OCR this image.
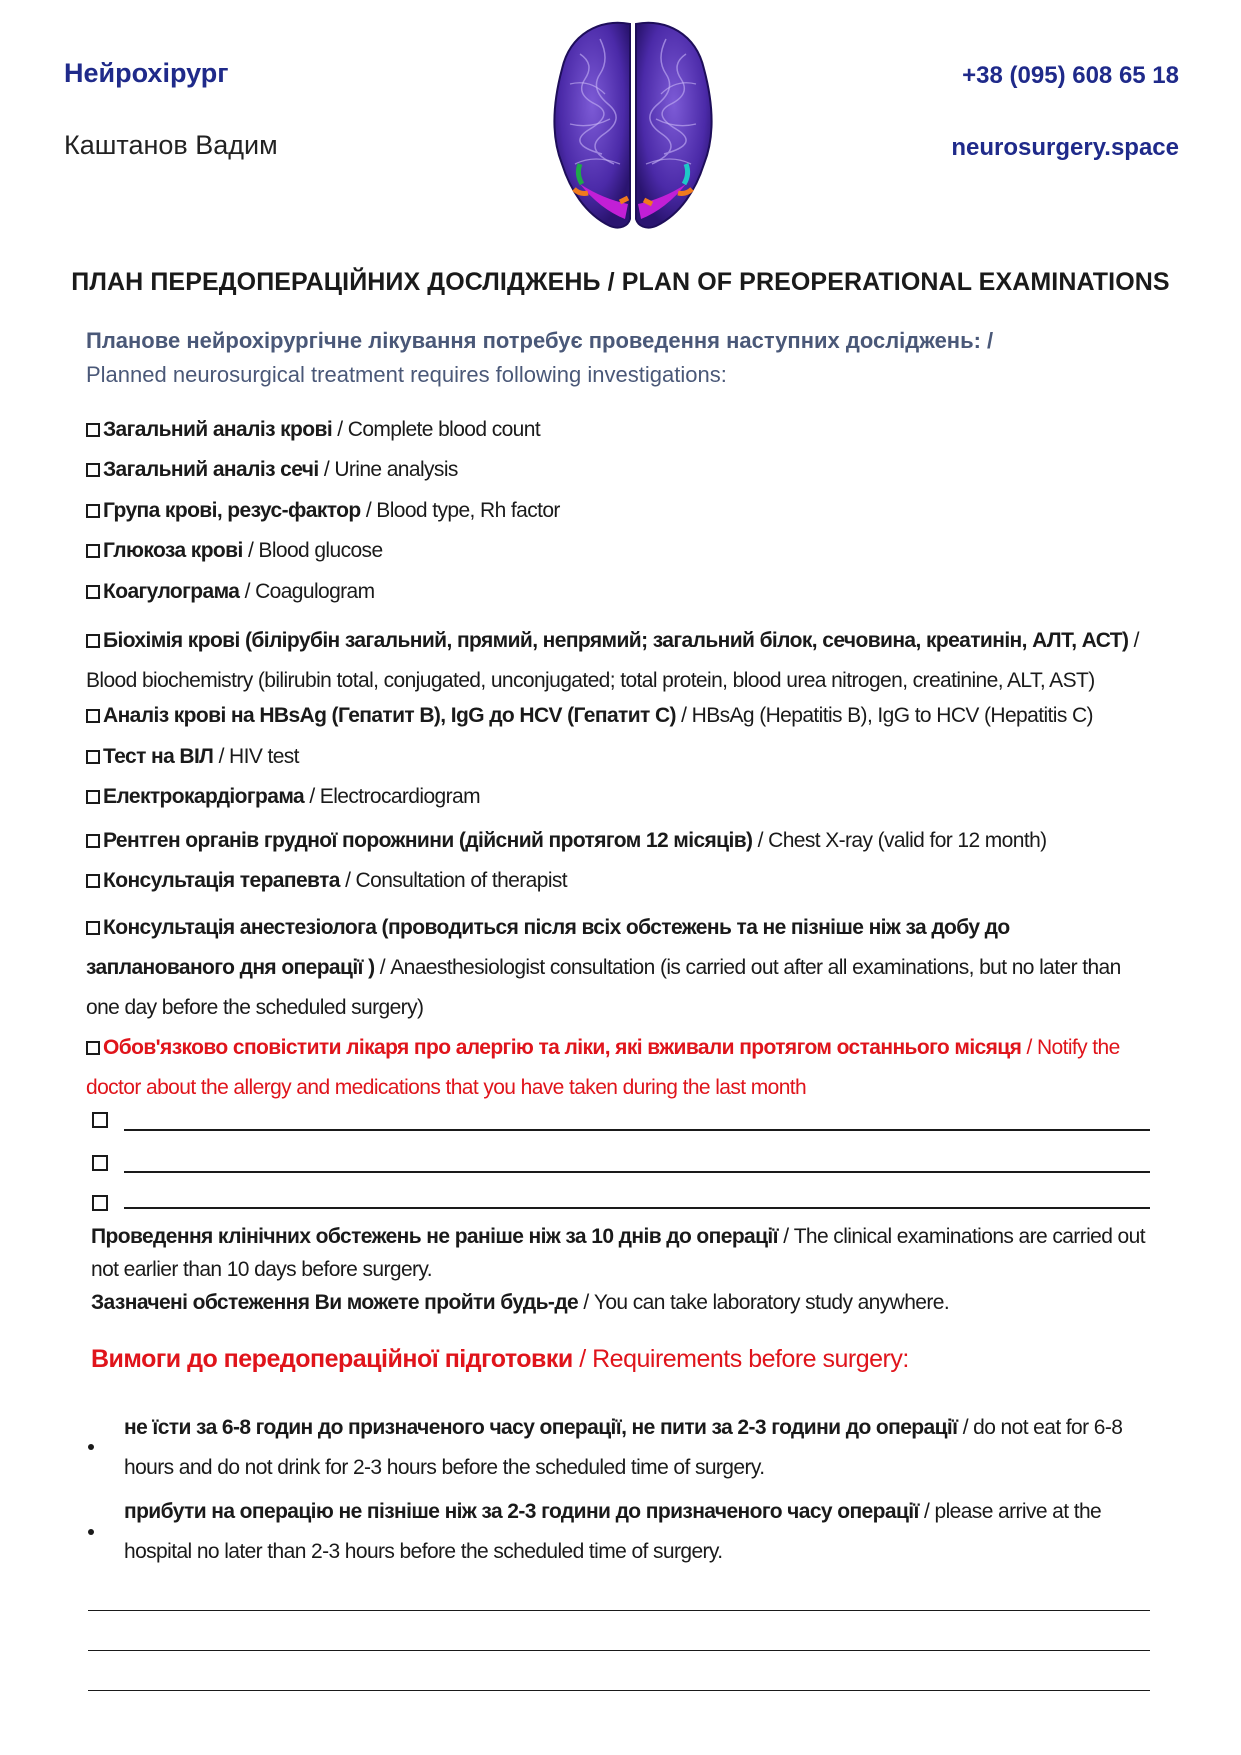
Нейрохірург
Каштанов Вадим
+38 (095) 608 65 18
neurosurgery.space
ПЛАН ПЕРЕДОПЕРАЦІЙНИХ ДОСЛІДЖЕНЬ / PLAN OF PREOPERATIONAL EXAMINATIONS
Планове нейрохірургічне лікування потребує проведення наступних досліджень: /
Planned neurosurgical treatment requires following investigations:
Загальний аналіз крові / Complete blood count
Загальний аналіз сечі / Urine analysis
Група крові, резус-фактор / Blood type, Rh factor
Глюкоза крові / Blood glucose
Коагулограма / Coagulogram
Біохімія крові (білірубін загальний, прямий, непрямий; загальний білок, сечовина, креатинін, АЛТ, АСТ) / Blood biochemistry (bilirubin total, conjugated, unconjugated; total protein, blood urea nitrogen, creatinine, ALT, AST)
Аналіз крові на HBsAg (Гепатит В), IgG до HCV (Гепатит С) / HBsAg (Hepatitis B), IgG to HCV (Hepatitis C)
Тест на ВІЛ / HIV test
Електрокардіограма / Electrocardiogram
Рентген органів грудної порожнини (дійсний протягом 12 місяців) / Chest X-ray (valid for 12 month)
Консультація терапевта / Consultation of therapist
Консультація анестезіолога (проводиться після всіх обстежень та не пізніше ніж за добу до запланованого дня операції ) / Anaesthesiologist consultation (is carried out after all examinations, but no later than one day before the scheduled surgery)
Обов'язково сповістити лікаря про алергію та ліки, які вживали протягом останнього місяця / Notify the doctor about the allergy and medications that you have taken during the last month
Проведення клінічних обстежень не раніше ніж за 10 днів до операції / The clinical examinations are carried out not earlier than 10 days before surgery.
Зазначені обстеження Ви можете пройти будь-де / You can take laboratory study anywhere.
Вимоги до передопераційної підготовки / Requirements before surgery:
не їсти за 6-8 годин до призначеного часу операції, не пити за 2-3 години до операції / do not eat for 6-8 hours and do not drink for 2-3 hours before the scheduled time of surgery.
прибути на операцію не пізніше ніж за 2-3 години до призначеного часу операції / please arrive at the hospital no later than 2-3 hours before the scheduled time of surgery.
